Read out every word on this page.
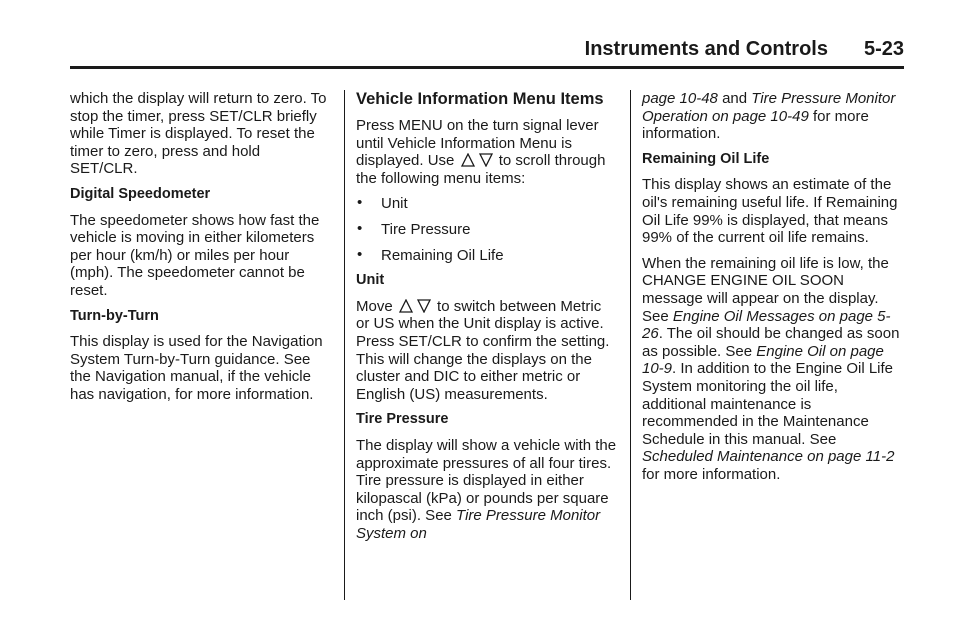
Instruments and Controls 5-23

which the display will return to zero. To stop the timer, press SET/CLR briefly while Timer is displayed. To reset the timer to zero, press and hold SET/CLR.

Digital Speedometer

The speedometer shows how fast the vehicle is moving in either kilometers per hour (km/h) or miles per hour (mph). The speedometer cannot be reset.

Turn-by-Turn

This display is used for the Navigation System Turn-by-Turn guidance. See the Navigation manual, if the vehicle has navigation, for more information.

Vehicle Information Menu Items

Press MENU on the turn signal lever until Vehicle Information Menu is displayed. Use	to scroll through the following menu items:

• Unit
• Tire Pressure
• Remaining Oil Life
Unit

Move	to switch between Metric or US when the Unit display is active. Press SET/CLR to confirm the setting. This will change the displays on the cluster and DIC to either metric or English (US) measurements.

Tire Pressure

The display will show a vehicle with the approximate pressures of all four tires. Tire pressure is displayed in either kilopascal (kPa) or pounds per square inch (psi). See Tire Pressure Monitor System on

page 10-48 and Tire Pressure Monitor Operation on page 10-49 for more information.

Remaining Oil Life

This display shows an estimate of the oil's remaining useful life. If Remaining Oil Life 99% is displayed, that means 99% of the current oil life remains.

When the remaining oil life is low, the CHANGE ENGINE OIL SOON message will appear on the display. See Engine Oil Messages on page 5-26. The oil should be changed as soon as possible. See Engine Oil on page 10-9. In addition to the Engine Oil Life System monitoring the oil life, additional maintenance is recommended in the Maintenance Schedule in this manual. See Scheduled Maintenance on page 11-2 for more information.
